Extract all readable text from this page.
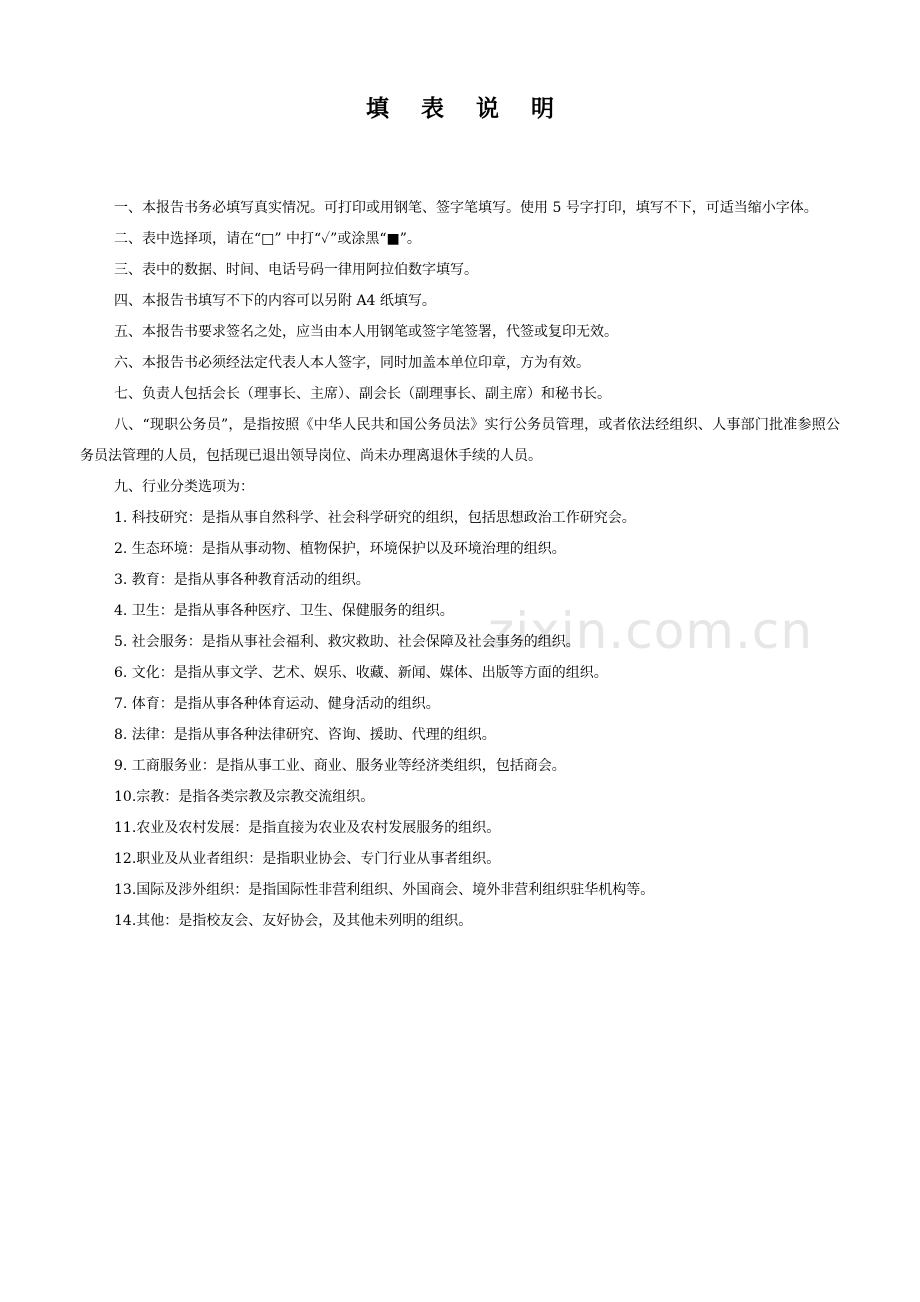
填 表 说 明
zixin.com.cn

一、本报告书务必填写真实情况。可打印或用钢笔、签字笔填写。使用 5 号字打印，填写不下，可适当缩小字体。

二、表中选择项，请在“□” 中打“✓”或涂黑“■”。

三、表中的数据、时间、电话号码一律用阿拉伯数字填写。

四、本报告书填写不下的内容可以另附 A4 纸填写。

五、本报告书要求签名之处，应当由本人用钢笔或签字笔签署，代签或复印无效。

六、本报告书必须经法定代表人本人签字，同时加盖本单位印章，方为有效。

七、负责人包括会长（理事长、主席）、副会长（副理事长、副主席）和秘书长。

八、“现职公务员”，是指按照《中华人民共和国公务员法》实行公务员管理，或者依法经组织、人事部门批准参照公务员法管理的人员，包括现已退出领导岗位、尚未办理离退休手续的人员。

九、行业分类选项为：

1. 科技研究：是指从事自然科学、社会科学研究的组织，包括思想政治工作研究会。

2. 生态环境：是指从事动物、植物保护，环境保护以及环境治理的组织。

3. 教育：是指从事各种教育活动的组织。

4. 卫生：是指从事各种医疗、卫生、保健服务的组织。

5. 社会服务：是指从事社会福利、救灾救助、社会保障及社会事务的组织。

6. 文化：是指从事文学、艺术、娱乐、收藏、新闻、媒体、出版等方面的组织。

7. 体育：是指从事各种体育运动、健身活动的组织。

8. 法律：是指从事各种法律研究、咨询、援助、代理的组织。

9. 工商服务业：是指从事工业、商业、服务业等经济类组织，包括商会。

10.宗教：是指各类宗教及宗教交流组织。

11.农业及农村发展：是指直接为农业及农村发展服务的组织。

12.职业及从业者组织：是指职业协会、专门行业从事者组织。

13.国际及涉外组织：是指国际性非营利组织、外国商会、境外非营利组织驻华机构等。

14.其他：是指校友会、友好协会，及其他未列明的组织。
